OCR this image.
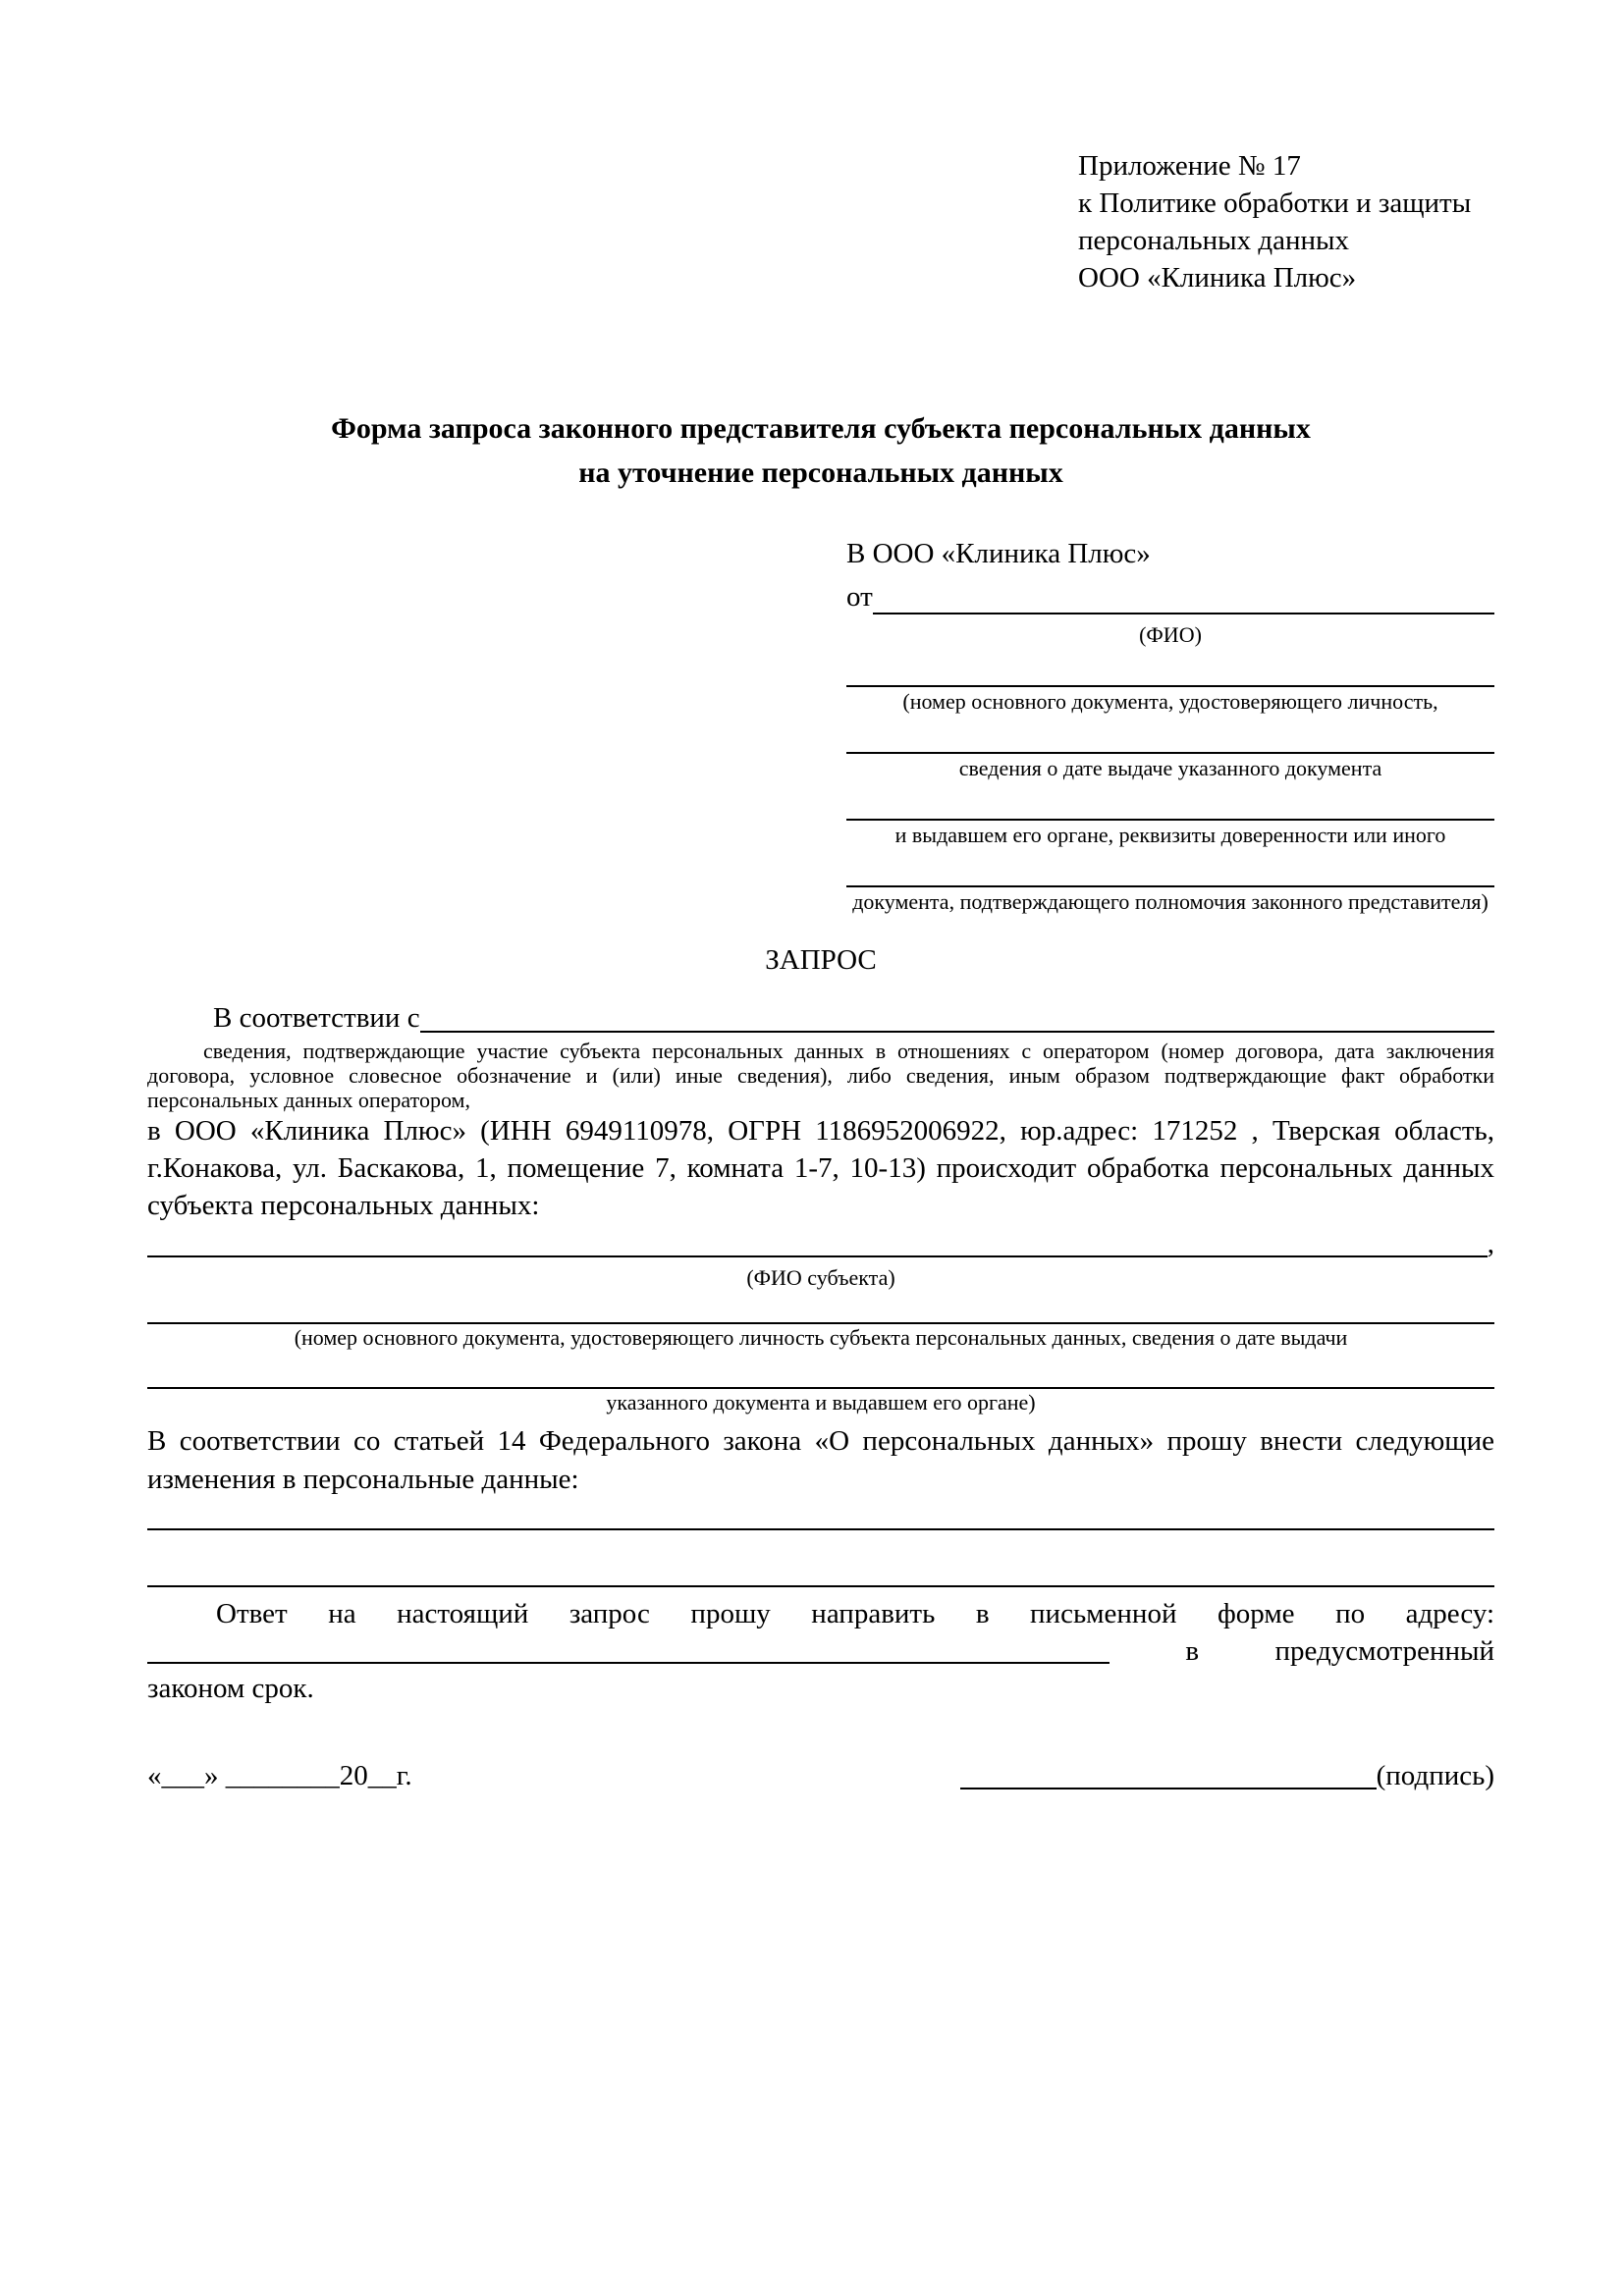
Приложение № 17
к Политике обработки и защиты
персональных данных
ООО «Клиника Плюс»
Форма запроса законного представителя субъекта персональных данных
на уточнение персональных данных
В ООО «Клиника Плюс»
от
(ФИО)
(номер основного документа, удостоверяющего личность,
сведения о дате выдаче указанного документа
и выдавшем его органе, реквизиты доверенности или иного
документа, подтверждающего полномочия законного представителя)
ЗАПРОС
В соответствии с
сведения, подтверждающие участие субъекта персональных данных в отношениях с оператором (номер договора, дата заключения договора, условное словесное обозначение и (или) иные сведения), либо сведения, иным образом подтверждающие факт обработки персональных данных оператором,
в ООО «Клиника Плюс» (ИНН 6949110978, ОГРН 1186952006922, юр.адрес: 171252 , Тверская область, г.Конакова, ул. Баскакова, 1, помещение 7, комната 1-7, 10-13) происходит обработка персональных данных субъекта персональных данных:
,
(ФИО субъекта)
(номер основного документа, удостоверяющего личность субъекта персональных данных, сведения о дате выдачи
указанного документа и выдавшем его органе)
В соответствии со статьей 14 Федерального закона «О персональных данных» прошу внести следующие изменения в персональные данные:
Ответ на настоящий запрос прошу направить в письменной форме по адресу:
в	предусмотренный
законом срок.
«___» ________20__г.	(подпись)
